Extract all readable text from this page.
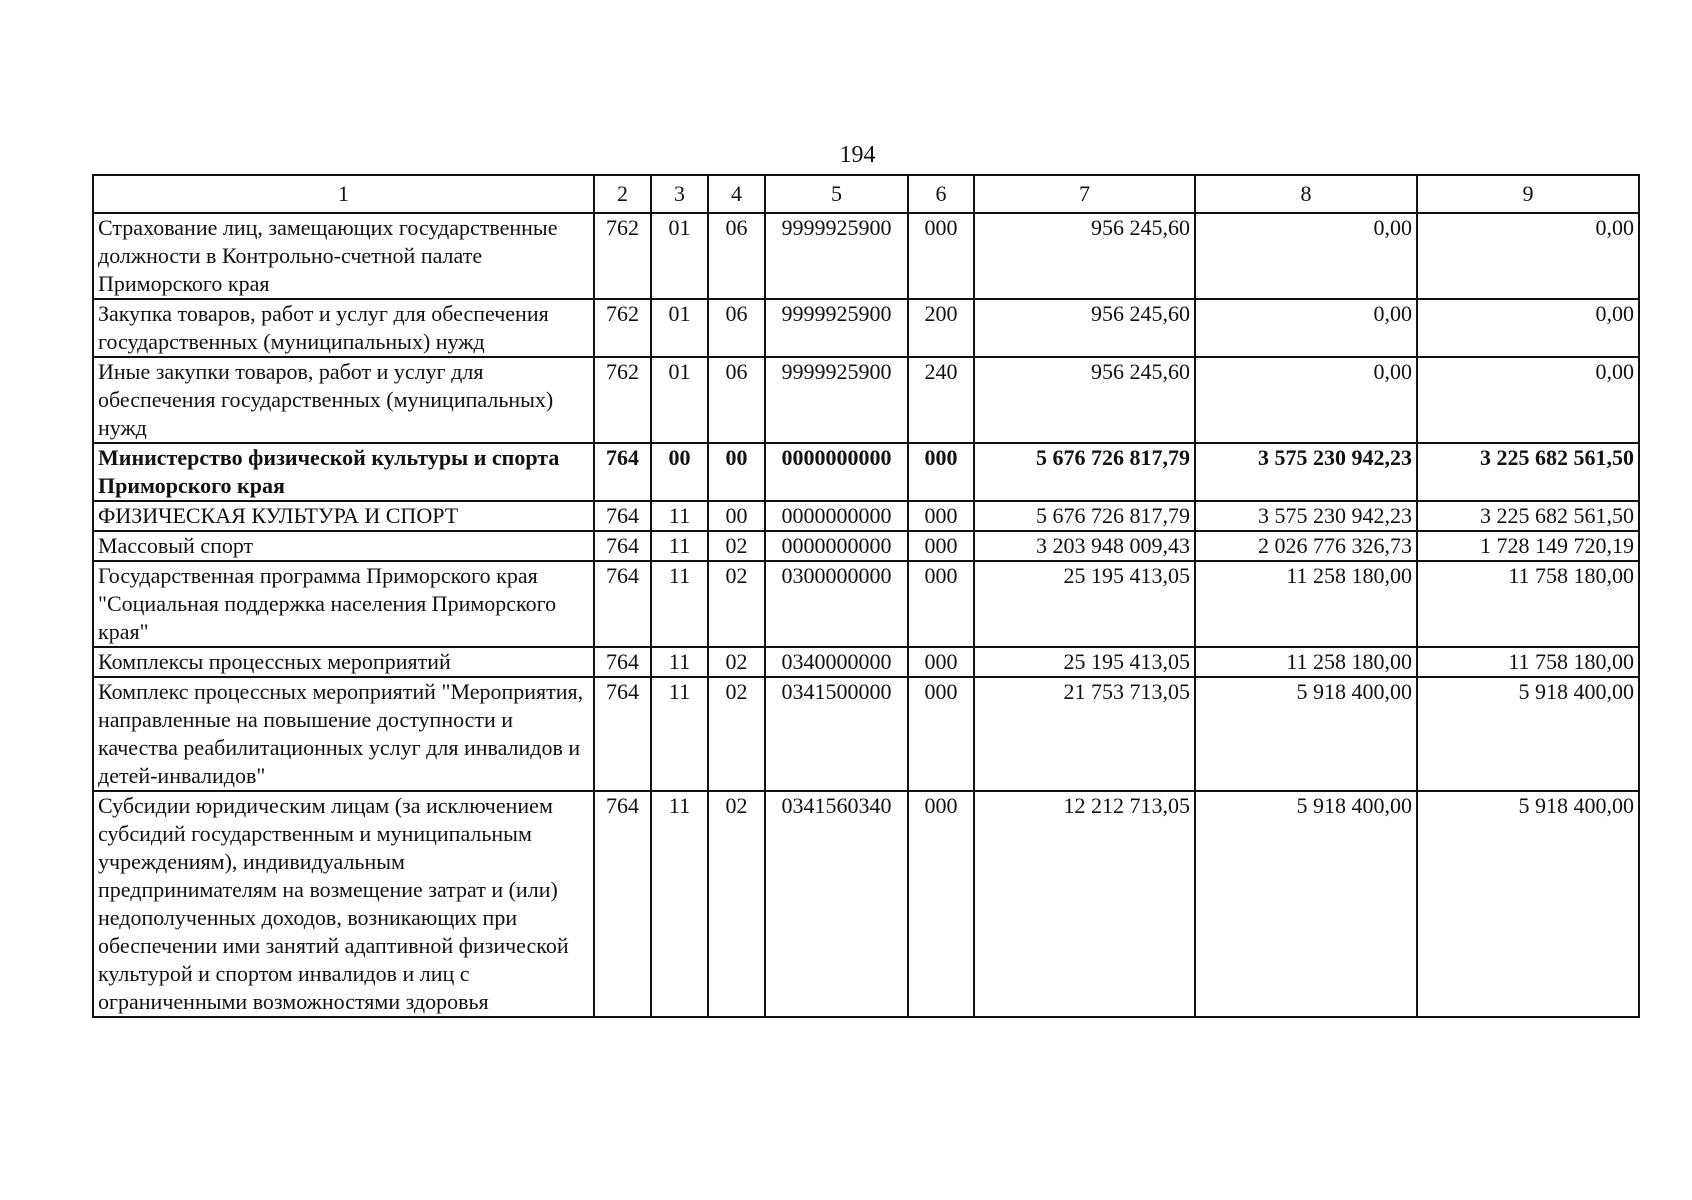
194
1	2	3	4	5	6	7	8	9
Страхование лиц, замещающих государственные должности в Контрольно-счетной палате Приморского края	762	01	06	9999925900	000	956 245,60	0,00	0,00
Закупка товаров, работ и услуг для обеспечения государственных (муниципальных) нужд	762	01	06	9999925900	200	956 245,60	0,00	0,00
Иные закупки товаров, работ и услуг для обеспечения государственных (муниципальных) нужд	762	01	06	9999925900	240	956 245,60	0,00	0,00
Министерство физической культуры и спорта Приморского края	764	00	00	0000000000	000	5 676 726 817,79	3 575 230 942,23	3 225 682 561,50
ФИЗИЧЕСКАЯ КУЛЬТУРА И СПОРТ	764	11	00	0000000000	000	5 676 726 817,79	3 575 230 942,23	3 225 682 561,50
Массовый спорт	764	11	02	0000000000	000	3 203 948 009,43	2 026 776 326,73	1 728 149 720,19
Государственная программа Приморского края "Социальная поддержка населения Приморского края"	764	11	02	0300000000	000	25 195 413,05	11 258 180,00	11 758 180,00
Комплексы процессных мероприятий	764	11	02	0340000000	000	25 195 413,05	11 258 180,00	11 758 180,00
Комплекс процессных мероприятий "Мероприятия, направленные на повышение доступности и качества реабилитационных услуг для инвалидов и детей-инвалидов"	764	11	02	0341500000	000	21 753 713,05	5 918 400,00	5 918 400,00
Субсидии юридическим лицам (за исключением субсидий государственным и муниципальным учреждениям), индивидуальным предпринимателям на возмещение затрат и (или) недополученных доходов, возникающих при обеспечении ими занятий адаптивной физической культурой и спортом инвалидов и лиц с ограниченными возможностями здоровья	764	11	02	0341560340	000	12 212 713,05	5 918 400,00	5 918 400,00
